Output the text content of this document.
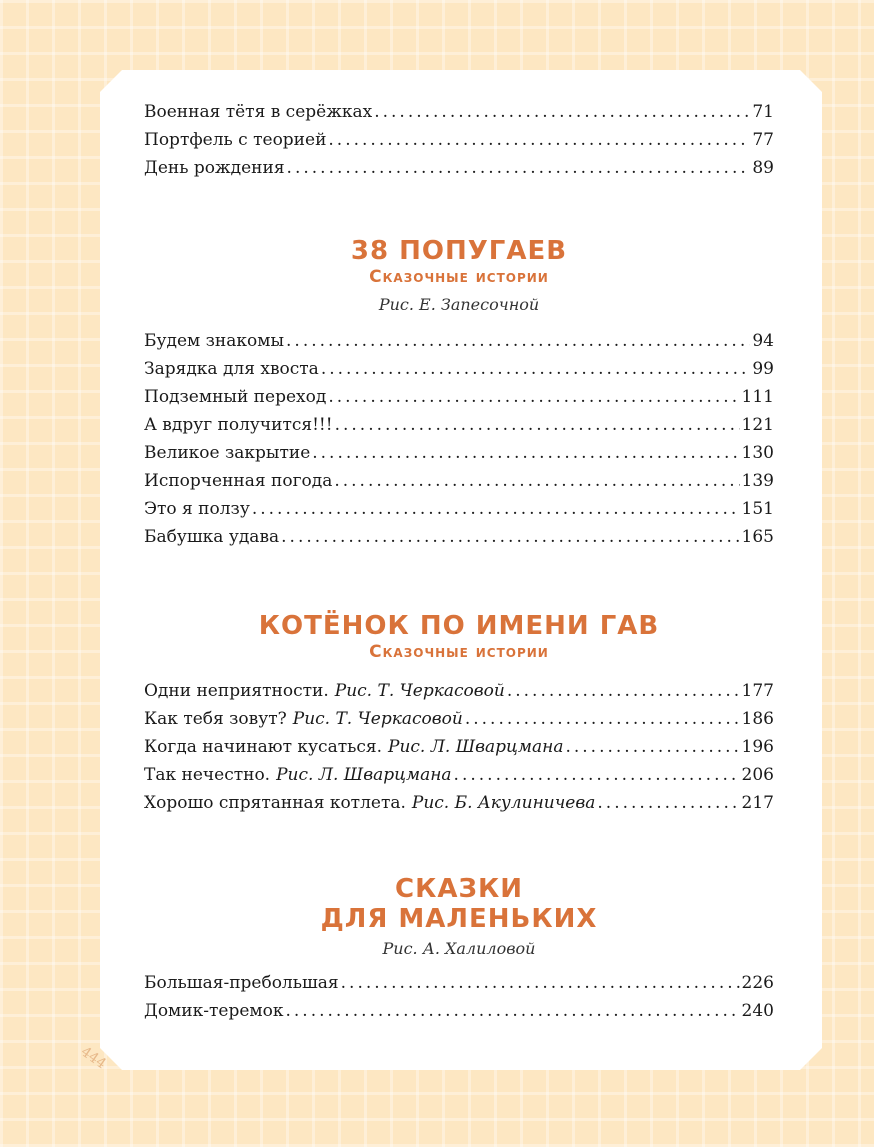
Военная тётя в серёжках .....	71
Портфель с теорией .....	77
День рождения .....	89
38 ПОПУГАЕВ
Сказочные истории
Рис. Е. Запесочной
Будем знакомы .....	94
Зарядка для хвоста .....	99
Подземный переход .....	111
А вдруг получится!!! .....	121
Великое закрытие .....	130
Испорченная погода .....	139
Это я ползу .....	151
Бабушка удава .....	165
КОТЁНОК ПО ИМЕНИ ГАВ
Сказочные истории
Одни неприятности. Рис. Т. Черкасовой .....	177
Как тебя зовут? Рис. Т. Черкасовой .....	186
Когда начинают кусаться. Рис. Л. Шварцмана .....	196
Так нечестно. Рис. Л. Шварцмана .....	206
Хорошо спрятанная котлета. Рис. Б. Акулиничева .....	217
СКАЗКИ
ДЛЯ МАЛЕНЬКИХ
Рис. А. Халиловой
Большая-пребольшая .....	226
Домик-теремок .....	240
444
